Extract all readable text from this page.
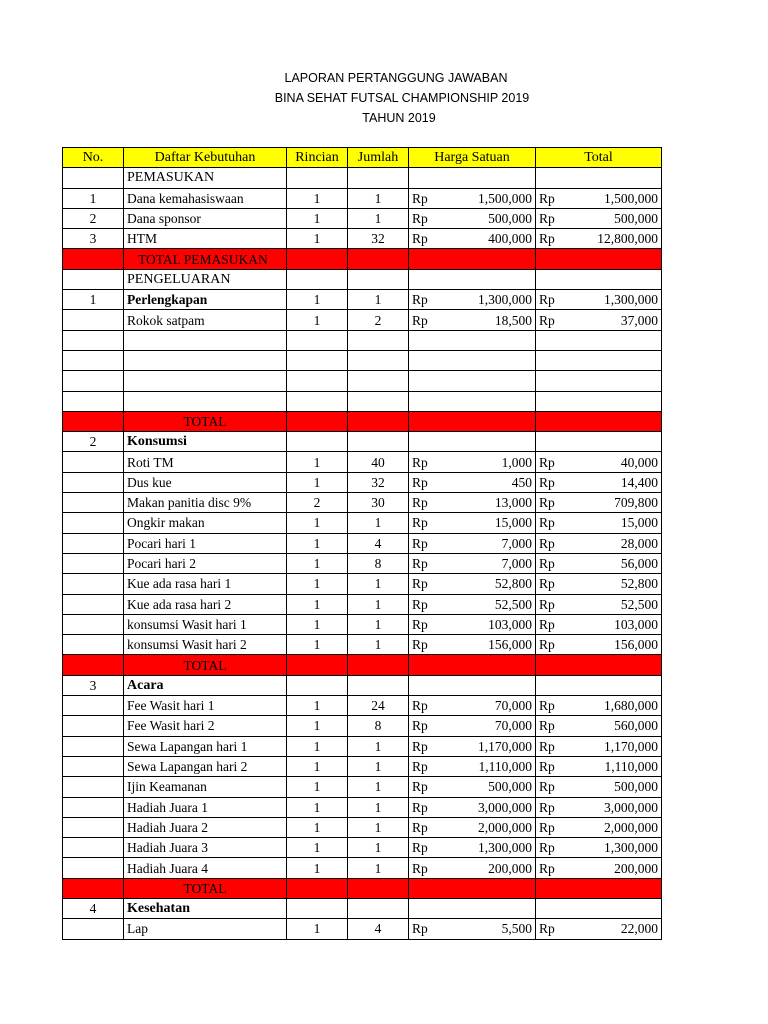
LAPORAN PERTANGGUNG JAWABAN
BINA SEHAT FUTSAL CHAMPIONSHIP 2019
TAHUN 2019
No.	Daftar Kebutuhan	Rincian	Jumlah	Harga Satuan		Total	
	PEMASUKAN						
1	Dana kemahasiswaan	1	1	Rp	1,500,000	Rp	1,500,000
2	Dana sponsor	1	1	Rp	500,000	Rp	500,000
3	HTM	1	32	Rp	400,000	Rp	12,800,000
	TOTAL PEMASUKAN						
	PENGELUARAN						
1	Perlengkapan	1	1	Rp	1,300,000	Rp	1,300,000
	Rokok satpam	1	2	Rp	18,500	Rp	37,000

	TOTAL						
2	Konsumsi						
	Roti TM	1	40	Rp	1,000	Rp	40,000
	Dus kue	1	32	Rp	450	Rp	14,400
	Makan panitia disc 9%	2	30	Rp	13,000	Rp	709,800
	Ongkir makan	1	1	Rp	15,000	Rp	15,000
	Pocari hari 1	1	4	Rp	7,000	Rp	28,000
	Pocari hari 2	1	8	Rp	7,000	Rp	56,000
	Kue ada rasa hari 1	1	1	Rp	52,800	Rp	52,800
	Kue ada rasa hari 2	1	1	Rp	52,500	Rp	52,500
	konsumsi Wasit hari 1	1	1	Rp	103,000	Rp	103,000
	konsumsi Wasit hari 2	1	1	Rp	156,000	Rp	156,000
	TOTAL						
3	Acara						
	Fee Wasit hari 1	1	24	Rp	70,000	Rp	1,680,000
	Fee Wasit hari 2	1	8	Rp	70,000	Rp	560,000
	Sewa Lapangan hari 1	1	1	Rp	1,170,000	Rp	1,170,000
	Sewa Lapangan hari 2	1	1	Rp	1,110,000	Rp	1,110,000
	Ijin Keamanan	1	1	Rp	500,000	Rp	500,000
	Hadiah Juara 1	1	1	Rp	3,000,000	Rp	3,000,000
	Hadiah Juara 2	1	1	Rp	2,000,000	Rp	2,000,000
	Hadiah Juara 3	1	1	Rp	1,300,000	Rp	1,300,000
	Hadiah Juara 4	1	1	Rp	200,000	Rp	200,000
	TOTAL						
4	Kesehatan						
	Lap	1	4	Rp	5,500	Rp	22,000
